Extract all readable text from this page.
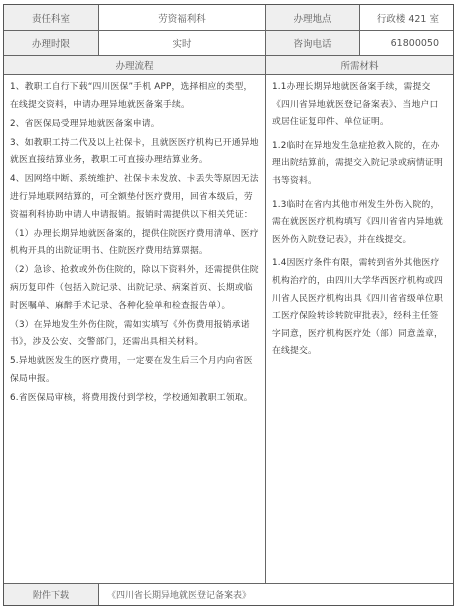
责任科室	劳资福利科	办理地点	行政楼 421 室
办理时限	实时	咨询电话	61800050
办理流程	所需材料

1、教职工自行下载“四川医保”手机 APP，选择相应的类型，在线提交资料，申请办理异地就医备案手续。

2、省医保局受理异地就医备案申请。

3、如教职工持二代及以上社保卡，且就医医疗机构已开通异地就医直接结算业务，教职工可直接办理结算业务。

4、因网络中断、系统维护、社保卡未发放、卡丢失等原因无法进行异地联网结算的，可全额垫付医疗费用，回省本级后，劳资福利科协助申请人申请报销。报销时需提供以下相关凭证：

（1）办理长期异地就医备案的，提供住院医疗费用清单、医疗机构开具的出院证明书、住院医疗费用结算票据。

（2）急诊、抢救或外伤住院的，除以下资料外，还需提供住院病历复印件（包括入院记录、出院记录、病案首页、长期或临时医嘱单、麻醉手术记录、各种化验单和检查报告单）。

（3）在异地发生外伤住院，需如实填写《外伤费用报销承诺书》，涉及公安、交警部门，还需出具相关材料。

5.异地就医发生的医疗费用，一定要在发生后三个月内向省医保局申报。

6.省医保局审核，将费用拨付到学校，学校通知教职工领取。

1.1办理长期异地就医备案手续，需提交《四川省异地就医登记备案表》、当地户口或居住证复印件、单位证明。

1.2临时在异地发生急症抢救入院的，在办理出院结算前，需提交入院记录或病情证明书等资料。

1.3临时在省内其他市州发生外伤入院的，需在就医医疗机构填写《四川省省内异地就医外伤入院登记表》，并在线提交。

1.4因医疗条件有限，需转到省外其他医疗机构治疗的，由四川大学华西医疗机构或四川省人民医疗机构出具《四川省省级单位职工医疗保险转诊转院审批表》，经科主任签字同意，医疗机构医疗处（部）同意盖章，在线提交。

附件下载	《四川省长期异地就医登记备案表》
